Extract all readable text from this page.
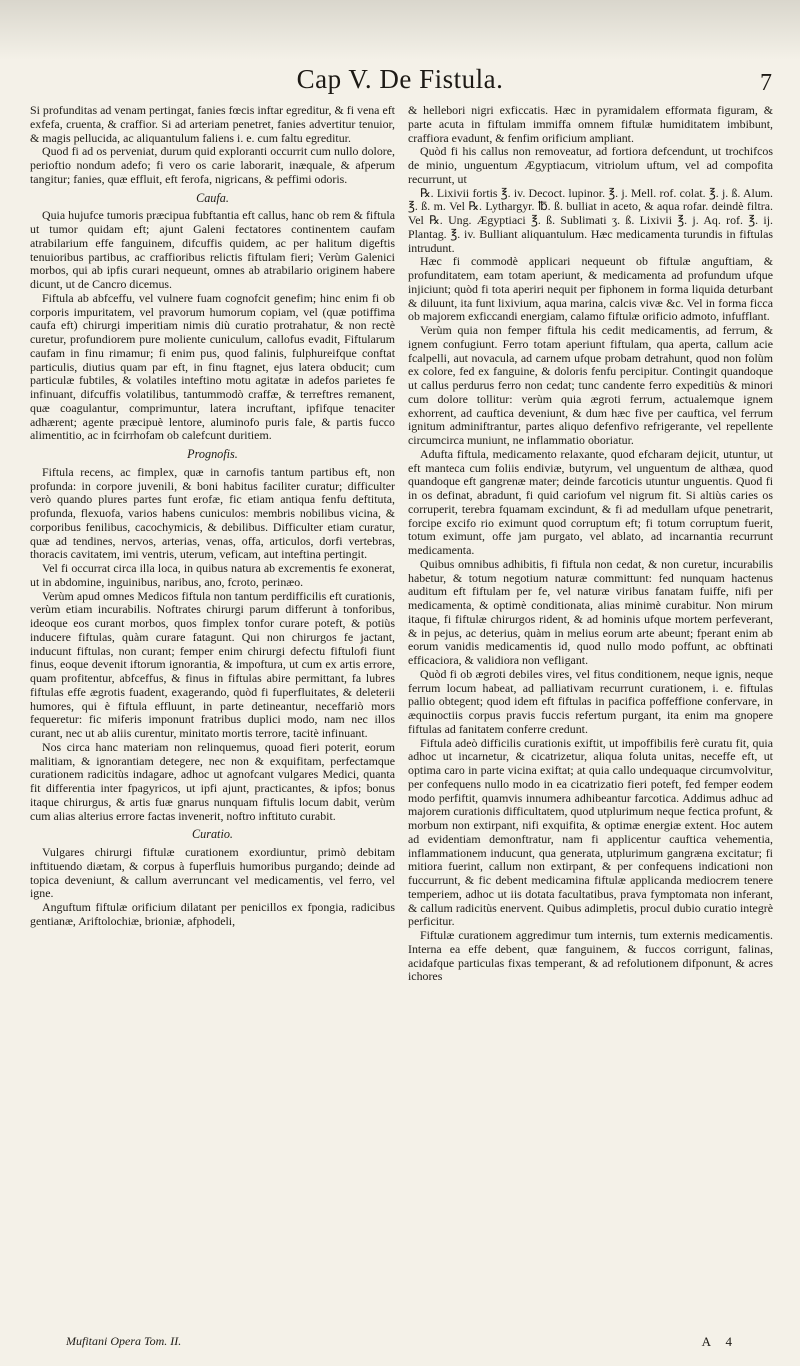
Cap V. De Fistula.	7

Si profunditas ad venam pertingat, fanies fœcis inftar egreditur, & fi vena eft exfefa, cruenta, & craffior. Si ad arteriam penetret, fanies advertitur tenuior, & magis pellucida, ac aliquantulum faliens i. e. cum faltu egreditur.

Quod fi ad os perveniat, durum quid exploranti occurrit cum nullo dolore, perioftio nondum adefo; fi vero os carie laborarit, inæquale, & afperum tangitur; fanies, quæ effluit, eft ferofa, nigricans, & peffimi odoris.

Caufa.

Quia hujufce tumoris præcipua fubftantia eft callus, hanc ob rem & fiftula ut tumor quidam eft; ajunt Galeni fectatores continentem caufam atrabilarium effe fanguinem, difcuffis quidem, ac per halitum digeftis tenuioribus partibus, ac craffioribus relictis fiftulam fieri; Verùm Galenici morbos, qui ab ipfis curari nequeunt, omnes ab atrabilario originem habere dicunt, ut de Cancro dicemus.

Fiftula ab abfceffu, vel vulnere fuam cognofcit genefim; hinc enim fi ob corporis impuritatem, vel pravorum humorum copiam, vel (quæ potiffima caufa eft) chirurgi imperitiam nimis diù curatio protrahatur, & non rectè curetur, profundiorem pure moliente cuniculum, callofus evadit, Fiftularum caufam in finu rimamur; fi enim pus, quod falinis, fulphureifque conftat particulis, diutius quam par eft, in finu ftagnet, ejus latera obducit; cum particulæ fubtiles, & volatiles inteftino motu agitatæ in adefos parietes fe infinuant, difcuffis volatilibus, tantummodò craffæ, & terreftres remanent, quæ coagulantur, comprimuntur, latera incruftant, ipfifque tenaciter adhærent; agente præcipuè lentore, aluminofo puris fale, & partis fucco alimentitio, ac in fcirrhofam ob calefcunt duritiem.

Prognofis.

Fiftula recens, ac fimplex, quæ in carnofis tantum partibus eft, non profunda: in corpore juvenili, & boni habitus faciliter curatur; difficulter verò quando plures partes funt erofæ, fic etiam antiqua fenfu deftituta, profunda, flexuofa, varios habens cuniculos: membris nobilibus vicina, & corporibus fenilibus, cacochymicis, & debilibus. Difficulter etiam curatur, quæ ad tendines, nervos, arterias, venas, offa, articulos, dorfi vertebras, thoracis cavitatem, imi ventris, uterum, veficam, aut inteftina pertingit.

Vel fi occurrat circa illa loca, in quibus natura ab excrementis fe exonerat, ut in abdomine, inguinibus, naribus, ano, fcroto, perinæo.

Verùm apud omnes Medicos fiftula non tantum perdifficilis eft curationis, verùm etiam incurabilis. Noftrates chirurgi parum differunt à tonforibus, ideoque eos curant morbos, quos fimplex tonfor curare poteft, & potiùs inducere fiftulas, quàm curare fatagunt. Qui non chirurgos fe jactant, inducunt fiftulas, non curant; femper enim chirurgi defectu fiftulofi fiunt finus, eoque devenit iftorum ignorantia, & impoftura, ut cum ex artis errore, quam profitentur, abfceffus, & finus in fiftulas abire permittant, fa lubres fiftulas effe ægrotis fuadent, exagerando, quòd fi fuperfluitates, & deleterii humores, qui è fiftula effluunt, in parte detineantur, neceffariò mors fequeretur: fic miferis imponunt fratribus duplici modo, nam nec illos curant, nec ut ab aliis curentur, minitato mortis terrore, tacitè infinuant.

Nos circa hanc materiam non relinquemus, quoad fieri poterit, eorum malitiam, & ignorantiam detegere, nec non & exquifitam, perfectamque curationem radicitùs indagare, adhoc ut agnofcant vulgares Medici, quanta fit differentia inter fpagyricos, ut ipfi ajunt, practicantes, & ipfos; bonus itaque chirurgus, & artis fuæ gnarus nunquam fiftulis locum dabit, verùm cum alias alterius errore factas invenerit, noftro inftituto curabit.

Curatio.

Vulgares chirurgi fiftulæ curationem exordiuntur, primò debitam inftituendo diætam, & corpus à fuperfluis humoribus purgando; deinde ad topica deveniunt, & callum averruncant vel medicamentis, vel ferro, vel igne.

Anguftum fiftulæ orificium dilatant per penicillos ex fpongia, radicibus gentianæ, Ariftolochiæ, brioniæ, afphodeli,

& hellebori nigri exficcatis. Hæc in pyramidalem efformata figuram, & parte acuta in fiftulam immiffa omnem fiftulæ humiditatem imbibunt, craffiora evadunt, & fenfim orificium ampliant.

Quòd fi his callus non removeatur, ad fortiora defcendunt, ut trochifcos de minio, unguentum Ægyptiacum, vitriolum uftum, vel ad compofita recurrunt, ut

℞. Lixivii fortis ℥. iv. Decoct. lupinor. ℥. j. Mell. rof. colat. ℥. j. ß. Alum. ℥. ß. m. Vel ℞. Lythargyr. ℔. ß. bulliat in aceto, & aqua rofar. deindè filtra. Vel ℞. Ung. Ægyptiaci ℥. ß. Sublimati ʒ. ß. Lixivii ℥. j. Aq. rof. ℥. ij. Plantag. ℥. iv. Bulliant aliquantulum. Hæc medicamenta turundis in fiftulas intrudunt.

Hæc fi commodè applicari nequeunt ob fiftulæ anguftiam, & profunditatem, eam totam aperiunt, & medicamenta ad profundum ufque injiciunt; quòd fi tota aperiri nequit per fiphonem in forma liquida deturbant & diluunt, ita funt lixivium, aqua marina, calcis vivæ &c. Vel in forma ficca ob majorem exficcandi energiam, calamo fiftulæ orificio admoto, infufflant.

Verùm quia non femper fiftula his cedit medicamentis, ad ferrum, & ignem confugiunt. Ferro totam aperiunt fiftulam, qua aperta, callum acie fcalpelli, aut novacula, ad carnem ufque probam detrahunt, quod non folùm ex colore, fed ex fanguine, & doloris fenfu percipitur. Contingit quandoque ut callus perdurus ferro non cedat; tunc candente ferro expeditiùs & minori cum dolore tollitur: verùm quia ægroti ferrum, actualemque ignem exhorrent, ad cauftica deveniunt, & dum hæc five per cauftica, vel ferrum ignitum adminiftrantur, partes aliquo defenfivo refrigerante, vel repellente circumcirca muniunt, ne inflammatio oboriatur.

Adufta fiftula, medicamento relaxante, quod efcharam dejicit, utuntur, ut eft manteca cum foliis endiviæ, butyrum, vel unguentum de althæa, quod quandoque eft gangrenæ mater; deinde farcoticis utuntur unguentis. Quod fi in os definat, abradunt, fi quid cariofum vel nigrum fit. Si altiùs caries os corruperit, terebra fquamam excindunt, & fi ad medullam ufque penetrarit, forcipe excifo rio eximunt quod corruptum eft; fi totum corruptum fuerit, totum eximunt, offe jam purgato, vel ablato, ad incarnantia recurrunt medicamenta.

Quibus omnibus adhibitis, fi fiftula non cedat, & non curetur, incurabilis habetur, & totum negotium naturæ committunt: fed nunquam hactenus auditum eft fiftulam per fe, vel naturæ viribus fanatam fuiffe, nifi per medicamenta, & optimè conditionata, alias minimè curabitur. Non mirum itaque, fi fiftulæ chirurgos rident, & ad hominis ufque mortem perfeverant, & in pejus, ac deterius, quàm in melius eorum arte abeunt; fperant enim ab eorum vanidis medicamentis id, quod nullo modo poffunt, ac obftinati efficaciora, & validiora non vefligant.

Quòd fi ob ægroti debiles vires, vel fitus conditionem, neque ignis, neque ferrum locum habeat, ad palliativam recurrunt curationem, i. e. fiftulas pallio obtegent; quod idem eft fiftulas in pacifica poffeffione confervare, in æquinoctiis corpus pravis fuccis refertum purgant, ita enim ma gnopere fiftulas ad fanitatem conferre credunt.

Fiftula adeò difficilis curationis exiftit, ut impoffibilis ferè curatu fit, quia adhoc ut incarnetur, & cicatrizetur, aliqua foluta unitas, neceffe eft, ut optima caro in parte vicina exiftat; at quia callo undequaque circumvolvitur, per confequens nullo modo in ea cicatrizatio fieri poteft, fed femper eodem modo perfiftit, quamvis innumera adhibeantur farcotica. Addimus adhuc ad majorem curationis difficultatem, quod utplurimum neque fectica profunt, & morbum non extirpant, nifi exquifita, & optimæ energiæ extent. Hoc autem ad evidentiam demonftratur, nam fi applicentur cauftica vehementia, inflammationem inducunt, qua generata, utplurimum gangræna excitatur; fi mitiora fuerint, callum non extirpant, & per confequens indicationi non fuccurrunt, & fic debent medicamina fiftulæ applicanda mediocrem tenere temperiem, adhoc ut iis dotata facultatibus, prava fymptomata non inferant, & callum radicitùs enervent. Quibus adimpletis, procul dubio curatio integrè perficitur.

Fiftulæ curationem aggredimur tum internis, tum externis medicamentis. Interna ea effe debent, quæ fanguinem, & fuccos corrigunt, falinas, acidafque particulas fixas temperant, & ad refolutionem difponunt, & acres ichores

Mufitani Opera Tom. II.	A 4
